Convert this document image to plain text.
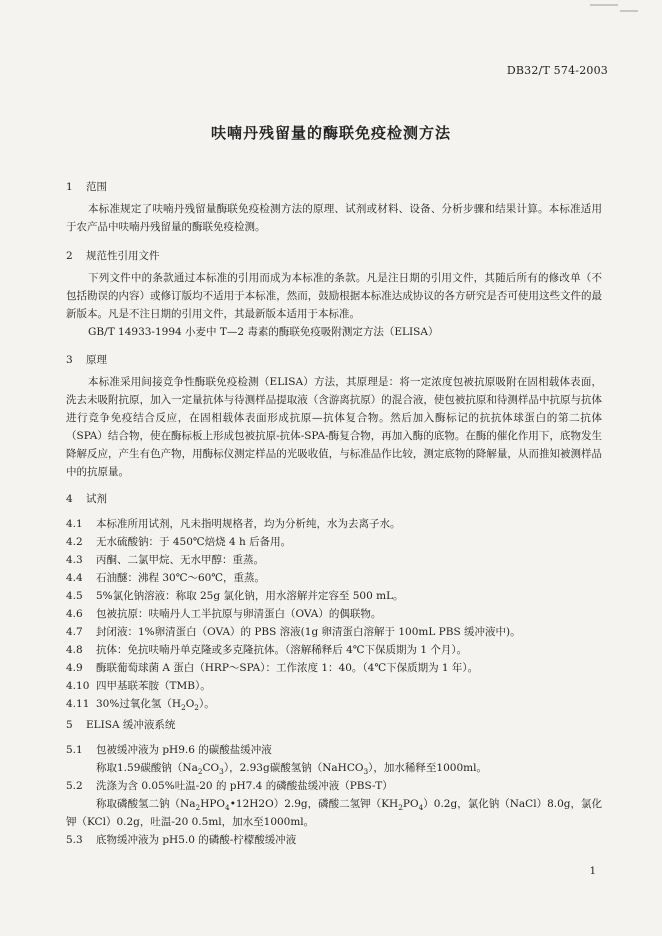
DB32/T 574-2003
呋喃丹残留量的酶联免疫检测方法
1 范围
本标准规定了呋喃丹残留量酶联免疫检测方法的原理、试剂或材料、设备、分析步骤和结果计算。本标准适用于农产品中呋喃丹残留量的酶联免疫检测。
2 规范性引用文件
下列文件中的条款通过本标准的引用而成为本标准的条款。凡是注日期的引用文件，其随后所有的修改单（不包括勘误的内容）或修订版均不适用于本标准，然而，鼓励根据本标准达成协议的各方研究是否可使用这些文件的最新版本。凡是不注日期的引用文件，其最新版本适用于本标准。
GB/T 14933-1994 小麦中 T—2 毒素的酶联免疫吸附测定方法（ELISA）
3 原理
本标准采用间接竞争性酶联免疫检测（ELISA）方法，其原理是：将一定浓度包被抗原吸附在固相载体表面，洗去未吸附抗原，加入一定量抗体与待测样品提取液（含游离抗原）的混合液，使包被抗原和待测样品中抗原与抗体进行竞争免疫结合反应，在固相载体表面形成抗原—抗体复合物。然后加入酶标记的抗抗体球蛋白的第二抗体（SPA）结合物，使在酶标板上形成包被抗原-抗体-SPA-酶复合物，再加入酶的底物。在酶的催化作用下，底物发生降解反应，产生有色产物，用酶标仪测定样品的光吸收值，与标准品作比较，测定底物的降解量，从而推知被测样品中的抗原量。
4 试剂
4.1	本标准所用试剂，凡未指明规格者，均为分析纯，水为去离子水。
4.2	无水硫酸钠：于 450℃焙烧 4 h 后备用。
4.3	丙酮、二氯甲烷、无水甲醇：重蒸。
4.4	石油醚：沸程 30℃～60℃，重蒸。
4.5	5%氯化钠溶液：称取 25g 氯化钠，用水溶解并定容至 500 mL。
4.6	包被抗原：呋喃丹人工半抗原与卵清蛋白（OVA）的偶联物。
4.7	封闭液：1%卵清蛋白（OVA）的 PBS 溶液(1g 卵清蛋白溶解于 100mL PBS 缓冲液中)。
4.8	抗体：免抗呋喃丹单克隆或多克隆抗体。（溶解稀释后 4℃下保质期为 1 个月）。
4.9	酶联葡萄球菌 A 蛋白（HRP～SPA）：工作浓度 1：40。（4℃下保质期为 1 年）。
4.10 四甲基联苯胺（TMB）。
4.11 30%过氧化氢$(H_2O_2)$。
5 ELISA 缓冲液系统
5.1	包被缓冲液为 pH9.6 的碳酸盐缓冲液
称取1.59碳酸钠$(Na_2CO_3)$，2.93g碳酸氢钠（NaHCO$_3$），加水稀释至1000ml。
5.2	洗涤为含 0.05%吐温-20 的 pH7.4 的磷酸盐缓冲液（PBS-T）
称取磷酸氢二钠$(Na_2HPO_4•12H2O)2.9g$，磷酸二氢钾$(KH_2PO_4)0.2g$，氯化钠（NaCl）8.0g，氯化钾（KCl）0.2g，吐温-20 0.5ml，加水至1000ml。
5.3	底物缓冲液为 pH5.0 的磷酸-柠檬酸缓冲液
1
